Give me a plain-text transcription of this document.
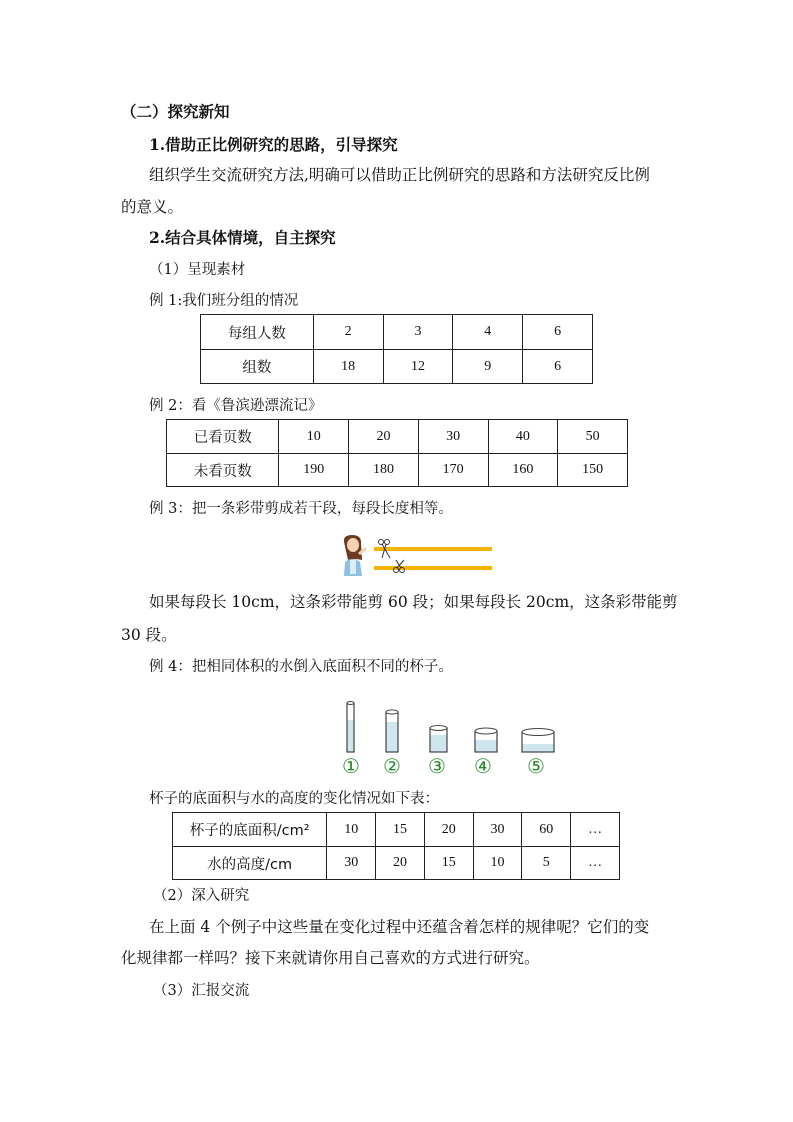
（二）探究新知
1.借助正比例研究的思路，引导探究
组织学生交流研究方法,明确可以借助正比例研究的思路和方法研究反比例
的意义。
2.结合具体情境，自主探究
（1）呈现素材
例 1:我们班分组的情况
每组人数	2	3	4	6
组数	18	12	9	6
例 2：看《鲁滨逊漂流记》
已看页数	10	20	30	40	50
未看页数	190	180	170	160	150
例 3：把一条彩带剪成若干段，每段长度相等。
如果每段长 10cm，这条彩带能剪 60 段；如果每段长 20cm，这条彩带能剪
30 段。
例 4：把相同体积的水倒入底面积不同的杯子。
① ② ③ ④ ⑤
杯子的底面积与水的高度的变化情况如下表：
杯子的底面积/cm²	10	15	20	30	60	…
水的高度/cm	30	20	15	10	5	…
（2）深入研究
在上面 4 个例子中这些量在变化过程中还蕴含着怎样的规律呢？它们的变
化规律都一样吗？接下来就请你用自己喜欢的方式进行研究。
（3）汇报交流
